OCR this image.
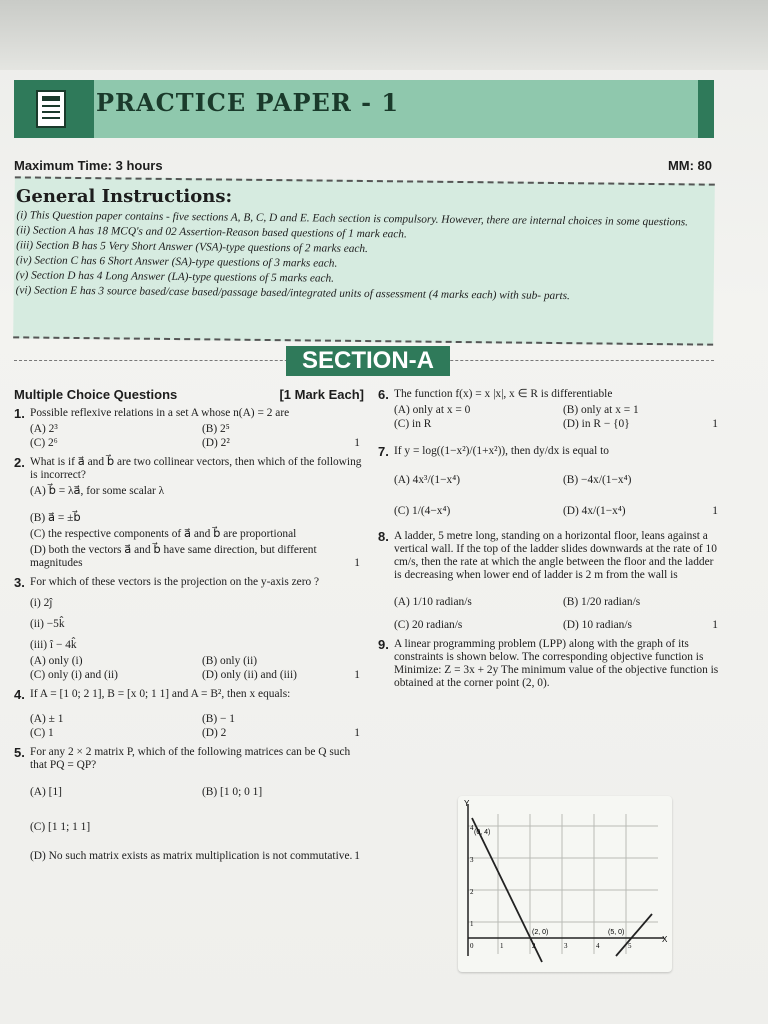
PRACTICE PAPER - 1
Maximum Time: 3 hours	MM: 80
General Instructions:
(i) This Question paper contains - five sections A, B, C, D and E. Each section is compulsory. However, there are internal choices in some questions.
(ii) Section A has 18 MCQ's and 02 Assertion-Reason based questions of 1 mark each.
(iii) Section B has 5 Very Short Answer (VSA)-type questions of 2 marks each.
(iv) Section C has 6 Short Answer (SA)-type questions of 3 marks each.
(v) Section D has 4 Long Answer (LA)-type questions of 5 marks each.
(vi) Section E has 3 source based/case based/passage based/integrated units of assessment (4 marks each) with sub- parts.
SECTION-A
Multiple Choice Questions	[1 Mark Each]
1. Possible reflexive relations in a set A whose n(A) = 2 are
(A) 2³	(B) 2⁵
(C) 2⁶	(D) 2²	1
2. What is if a⃗ and b⃗ are two collinear vectors, then which of the following is incorrect?
(A) b⃗ = λa⃗, for some scalar λ
(B) a⃗ = ±b⃗
(C) the respective components of a⃗ and b⃗ are proportional
(D) both the vectors a⃗ and b⃗ have same direction, but different magnitudes	1
3. For which of these vectors is the projection on the y-axis zero ?
(i) 2ĵ
(ii) −5k̂
(iii) î − 4k̂
(A) only (i)	(B) only (ii)
(C) only (i) and (ii)	(D) only (ii) and (iii)	1
4. If A = [1 0; 2 1], B = [x 0; 1 1] and A = B², then x equals:
(A) ± 1	(B) − 1
(C) 1	(D) 2	1
5. For any 2 × 2 matrix P, which of the following matrices can be Q such that PQ = QP?
(A) [1]	(B) [1 0; 0 1]
(C) [1 1; 1 1]
(D) No such matrix exists as matrix multiplication is not commutative. 1
6. The function f(x) = x |x|, x ∈ R is differentiable
(A) only at x = 0	(B) only at x = 1
(C) in R	(D) in R − {0}	1
7. If y = log((1−x²)/(1+x²)), then dy/dx is equal to
(A) 4x³/(1−x⁴)	(B) −4x/(1−x⁴)
(C) 1/(4−x⁴)	(D) 4x/(1−x⁴)	1
8. A ladder, 5 metre long, standing on a horizontal floor, leans against a vertical wall. If the top of the ladder slides downwards at the rate of 10 cm/s, then the rate at which the angle between the floor and the ladder is decreasing when lower end of ladder is 2 m from the wall is
(A) 1/10 radian/s	(B) 1/20 radian/s
(C) 20 radian/s	(D) 10 radian/s	1
9. A linear programming problem (LPP) along with the graph of its constraints is shown below. The corresponding objective function is Minimize: Z = 3x + 2y The minimum value of the objective function is obtained at the corner point (2, 0).
Y
X
(0, 4)
(2, 0)	(5, 0)
4
3
2
1
0	1	2	3	4	5
